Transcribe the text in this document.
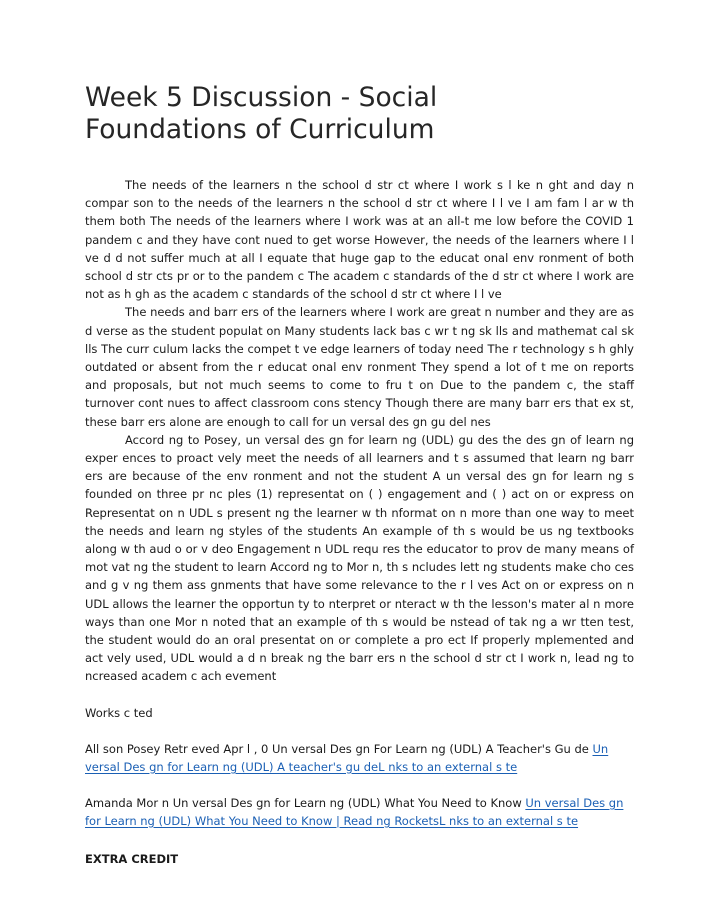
Week 5 Discussion - Social Foundations of Curriculum

The needs of the learners n the school d str ct where I work s l ke n ght and day n compar son to the needs of the learners n the school d str ct where I l ve I am fam l ar w th them both The needs of the learners where I work was at an all-t me low before the COVID 1 pandem c and they have cont nued to get worse However, the needs of the learners where I l ve d d not suffer much at all I equate that huge gap to the educat onal env ronment of both school d str cts pr or to the pandem c The academ c standards of the d str ct where I work are not as h gh as the academ c standards of the school d str ct where I l ve

The needs and barr ers of the learners where I work are great n number and they are as d verse as the student populat on Many students lack bas c wr t ng sk lls and mathemat cal sk lls The curr culum lacks the compet t ve edge learners of today need The r technology s h ghly outdated or absent from the r educat onal env ronment They spend a lot of t me on reports and proposals, but not much seems to come to fru t on Due to the pandem c, the staff turnover cont nues to affect classroom cons stency Though there are many barr ers that ex st, these barr ers alone are enough to call for un versal des gn gu del nes

Accord ng to Posey, un versal des gn for learn ng (UDL) gu des the des gn of learn ng exper ences to proact vely meet the needs of all learners and t s assumed that learn ng barr ers are because of the env ronment and not the student A un versal des gn for learn ng s founded on three pr nc ples (1) representat on ( ) engagement and ( ) act on or express on Representat on n UDL s present ng the learner w th nformat on n more than one way to meet the needs and learn ng styles of the students An example of th s would be us ng textbooks along w th aud o or v deo Engagement n UDL requ res the educator to prov de many means of mot vat ng the student to learn Accord ng to Mor n, th s ncludes lett ng students make cho ces and g v ng them ass gnments that have some relevance to the r l ves Act on or express on n UDL allows the learner the opportun ty to nterpret or nteract w th the lesson's mater al n more ways than one Mor n noted that an example of th s would be nstead of tak ng a wr tten test, the student would do an oral presentat on or complete a pro ect If properly mplemented and act vely used, UDL would a d n break ng the barr ers n the school d str ct I work n, lead ng to ncreased academ c ach evement

Works c ted
All son Posey Retr eved Apr l , 0 Un versal Des gn For Learn ng (UDL) A Teacher's Gu de Un versal Des gn for Learn ng (UDL) A teacher's gu deL nks to an external s te
Amanda Mor n Un versal Des gn for Learn ng (UDL) What You Need to Know Un versal Des gn for Learn ng (UDL) What You Need to Know | Read ng RocketsL nks to an external s te
EXTRA CREDIT
